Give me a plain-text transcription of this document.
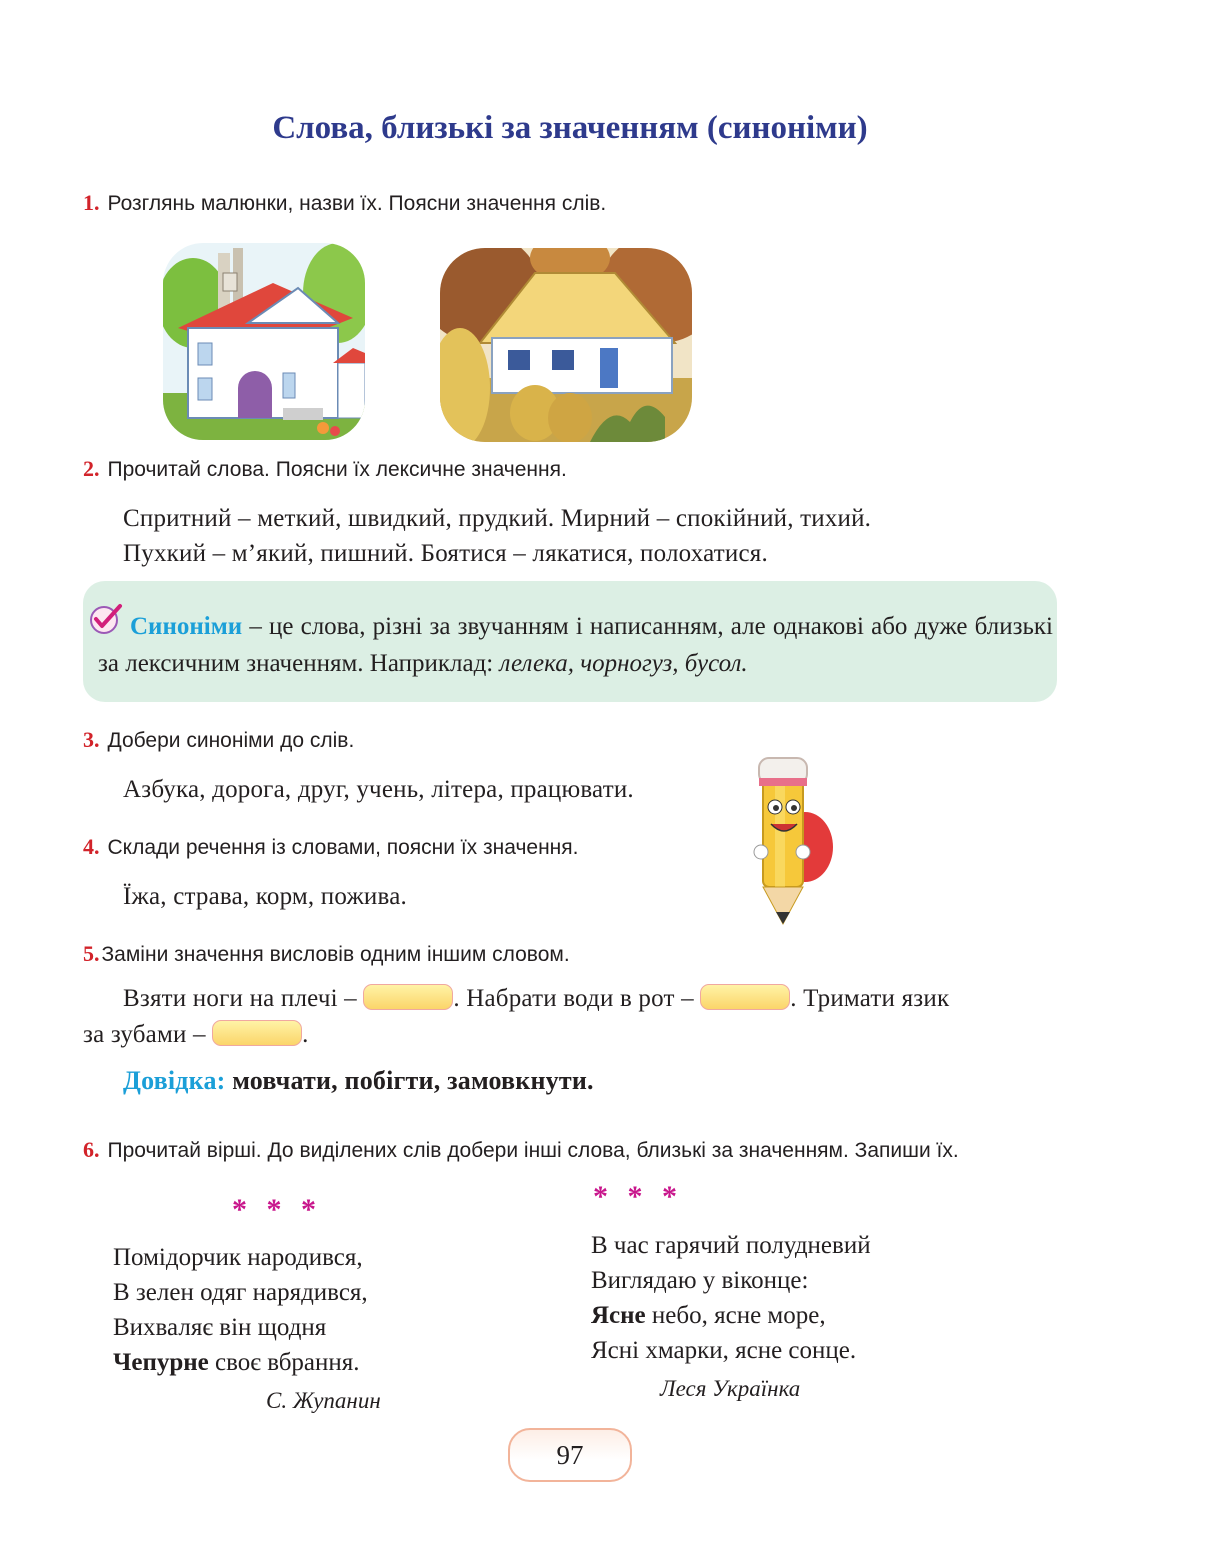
Слова, близькі за значенням (синоніми)
1. Розглянь малюнки, назви їх. Поясни значення слів.
2. Прочитай слова. Поясни їх лексичне значення.
Спритний – меткий, швидкий, прудкий. Мирний – спокійний, тихий.
Пухкий – м’який, пишний. Боятися – лякатися, полохатися.
Синоніми – це слова, різні за звучанням і написанням, але однакові або дуже близькі за лексичним значенням. Наприклад: лелека, чорногуз, бусол.
3. Добери синоніми до слів.
Азбука, дорога, друг, учень, літера, працювати.
4. Склади речення із словами, поясни їх значення.
Їжа, страва, корм, пожива.
5.Заміни значення висловів одним іншим словом.
Взяти ноги на плечі –	. Набрати води в рот –	. Тримати язик
за зубами –	.
Довідка: мовчати, побігти, замовкнути.
6. Прочитай вірші. До виділених слів добери інші слова, близькі за значенням. Запиши їх.
* * *
Помідорчик народився,
В зелен одяг нарядився,
Вихваляє він щодня
Чепурне своє вбрання.
С. Жупанин
* * *
В час гарячий полудневий
Виглядаю у віконце:
Ясне небо, ясне море,
Ясні хмарки, ясне сонце.
Леся Українка
97
